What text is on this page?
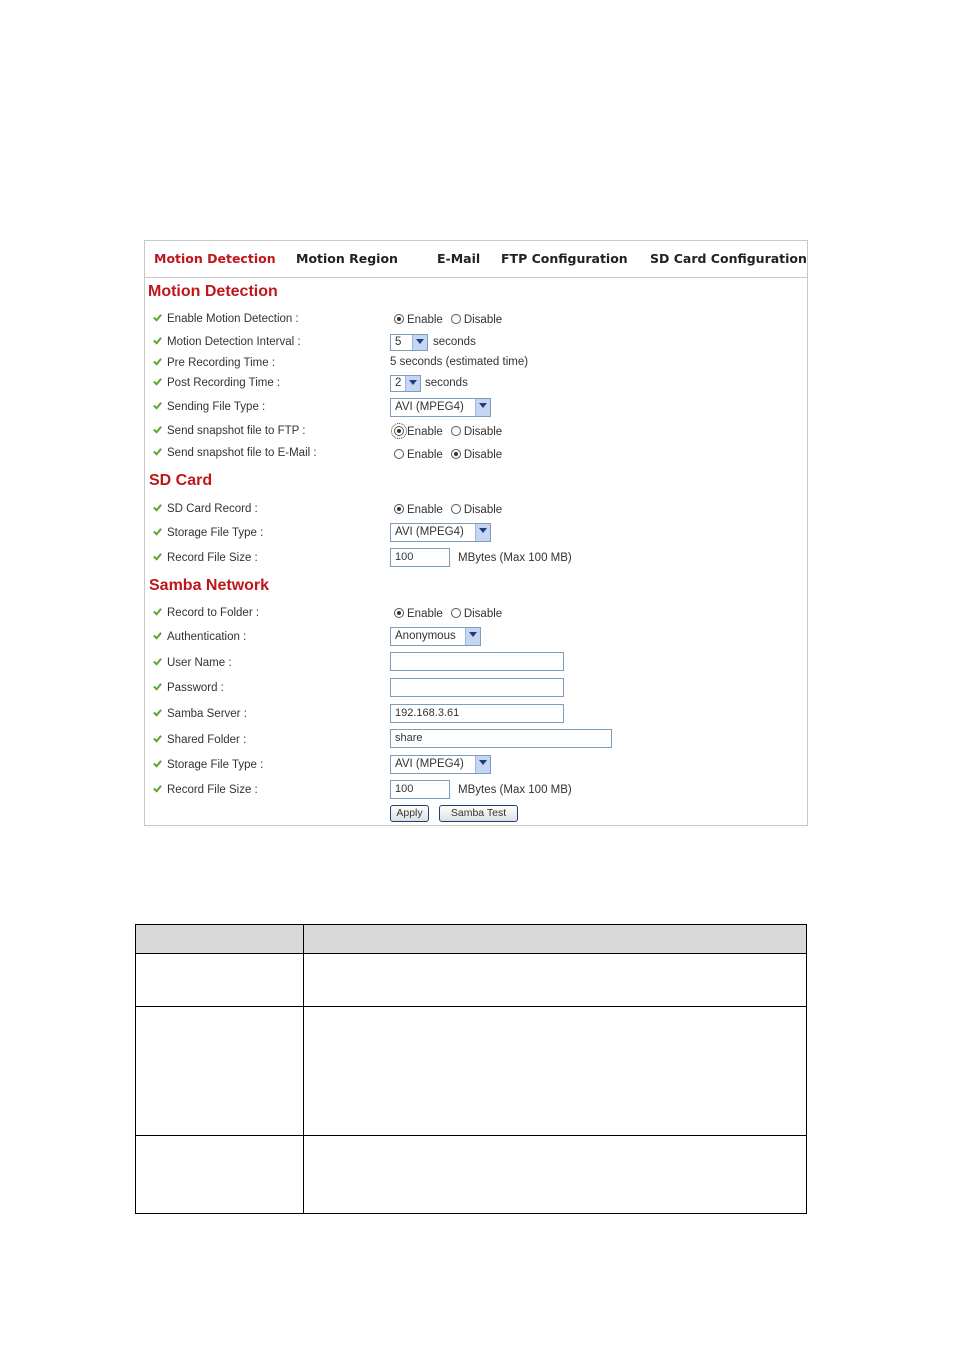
Motion Detection Motion Region	E-Mail FTP Configuration SD Card Configuration
Motion Detection
Enable Motion Detection :	Enable Disable
Motion Detection Interval :	5	seconds
Pre Recording Time :	5 seconds (estimated time)
Post Recording Time :	2 seconds
Sending File Type :	AVI (MPEG4)
Send snapshot file to FTP :	Enable Disable
Send snapshot file to E-Mail :	Enable Disable
SD Card
SD Card Record :	Enable Disable
Storage File Type :	AVI (MPEG4)
Record File Size :	100	MBytes (Max 100 MB)
Samba Network
Record to Folder :	Enable Disable
Authentication :	Anonymous
User Name :
Password :
Samba Server :	192.168.3.61
Shared Folder :	share
Storage File Type :	AVI (MPEG4)
Record File Size :	100	MBytes (Max 100 MB)
Apply	Samba Test
